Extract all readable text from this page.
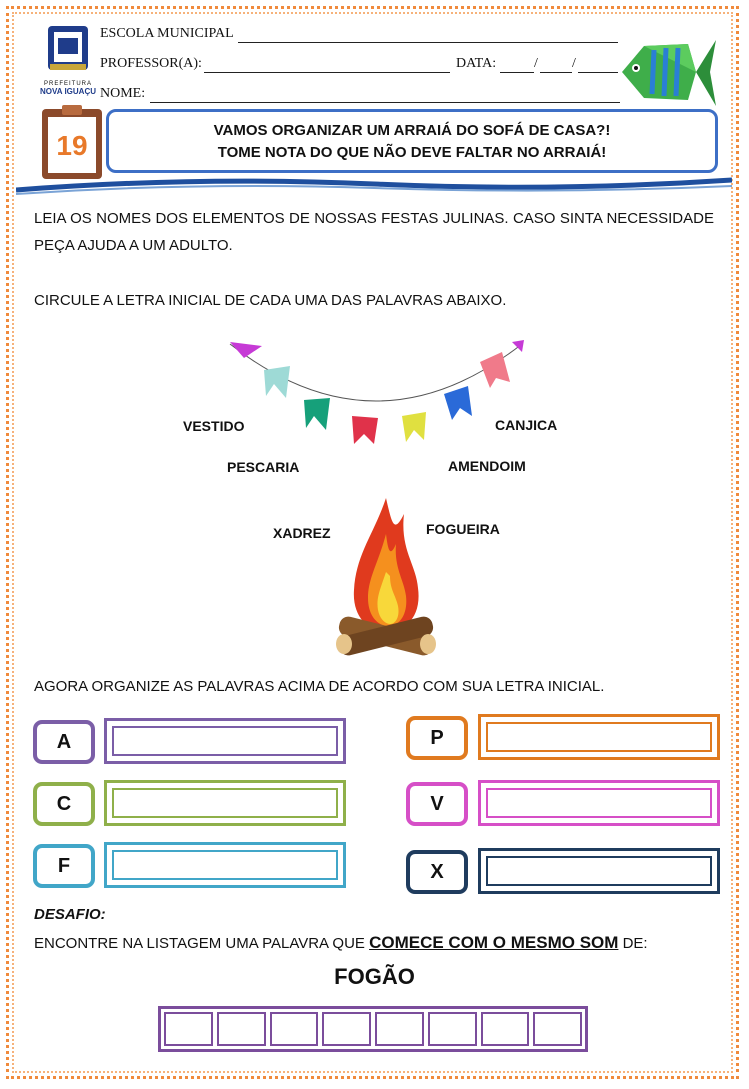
PREFEITURA
NOVA IGUAÇU
ESCOLA MUNICIPAL
PROFESSOR(A):	DATA:	/ /
NOME:
19	VAMOS ORGANIZAR UM ARRAIÁ DO SOFÁ DE CASA?!
TOME NOTA DO QUE NÃO DEVE FALTAR NO ARRAIÁ!
LEIA OS NOMES DOS ELEMENTOS DE NOSSAS FESTAS JULINAS. CASO SINTA NECESSIDADE PEÇA AJUDA A UM ADULTO.
CIRCULE A LETRA INICIAL DE CADA UMA DAS PALAVRAS ABAIXO.
VESTIDO	CANJICA
PESCARIA	AMENDOIM
XADREZ	FOGUEIRA
AGORA ORGANIZE AS PALAVRAS ACIMA DE ACORDO COM SUA LETRA INICIAL.
A
C
F
P
V
X
DESAFIO:
ENCONTRE NA LISTAGEM UMA PALAVRA QUE COMECE COM O MESMO SOM DE:
FOGÃO
